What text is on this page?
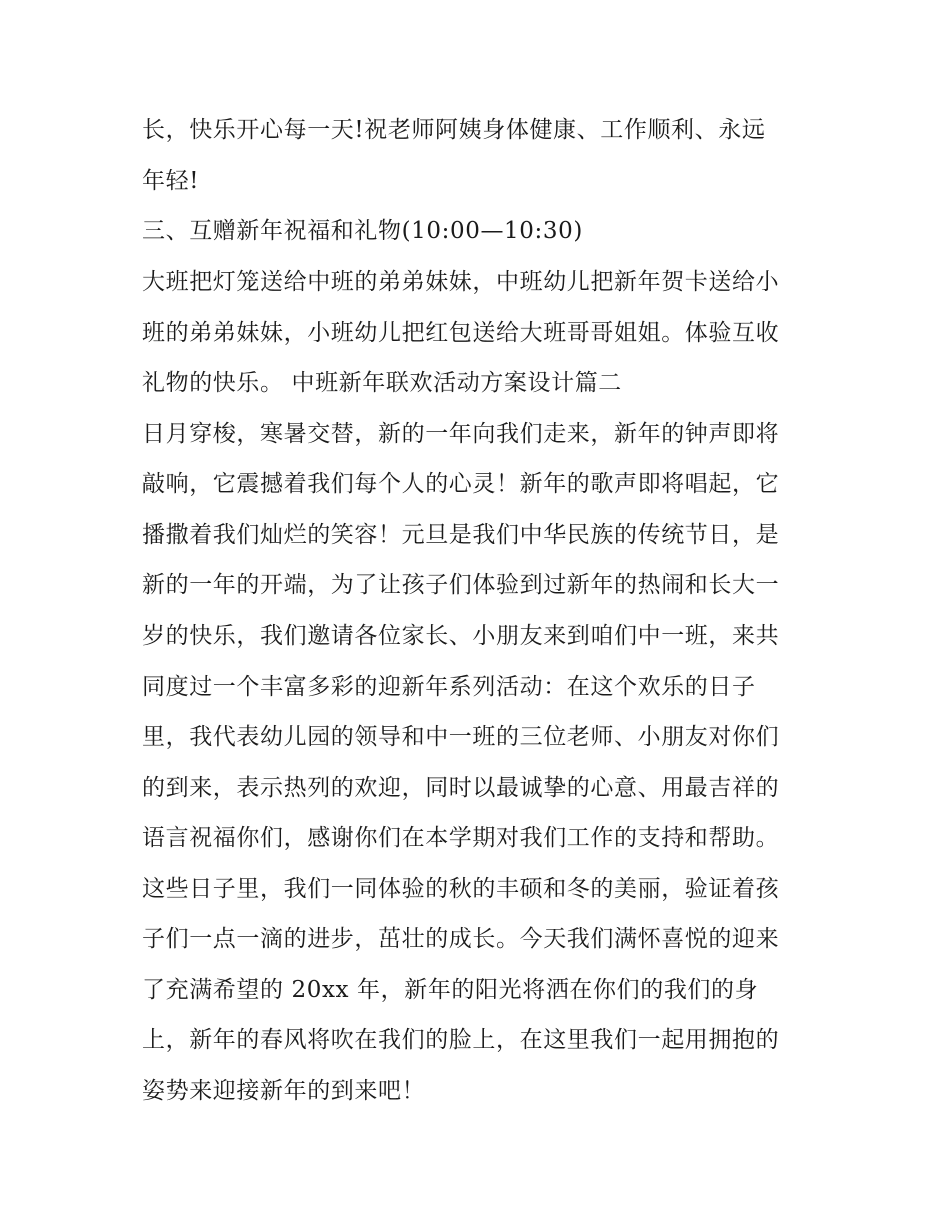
长，快乐开心每一天!祝老师阿姨身体健康、工作顺利、永远
年轻!
三、互赠新年祝福和礼物(10:00—10:30)
大班把灯笼送给中班的弟弟妹妹，中班幼儿把新年贺卡送给小
班的弟弟妹妹，小班幼儿把红包送给大班哥哥姐姐。体验互收
礼物的快乐。 中班新年联欢活动方案设计篇二
日月穿梭，寒暑交替，新的一年向我们走来，新年的钟声即将
敲响，它震撼着我们每个人的心灵！新年的歌声即将唱起，它
播撒着我们灿烂的笑容！元旦是我们中华民族的传统节日，是
新的一年的开端，为了让孩子们体验到过新年的热闹和长大一
岁的快乐，我们邀请各位家长、小朋友来到咱们中一班，来共
同度过一个丰富多彩的迎新年系列活动：在这个欢乐的日子
里，我代表幼儿园的领导和中一班的三位老师、小朋友对你们
的到来，表示热列的欢迎，同时以最诚挚的心意、用最吉祥的
语言祝福你们，感谢你们在本学期对我们工作的支持和帮助。
这些日子里，我们一同体验的秋的丰硕和冬的美丽，验证着孩
子们一点一滴的进步，茁壮的成长。今天我们满怀喜悦的迎来
了充满希望的 20xx 年，新年的阳光将洒在你们的我们的身
上，新年的春风将吹在我们的脸上，在这里我们一起用拥抱的
姿势来迎接新年的到来吧！
